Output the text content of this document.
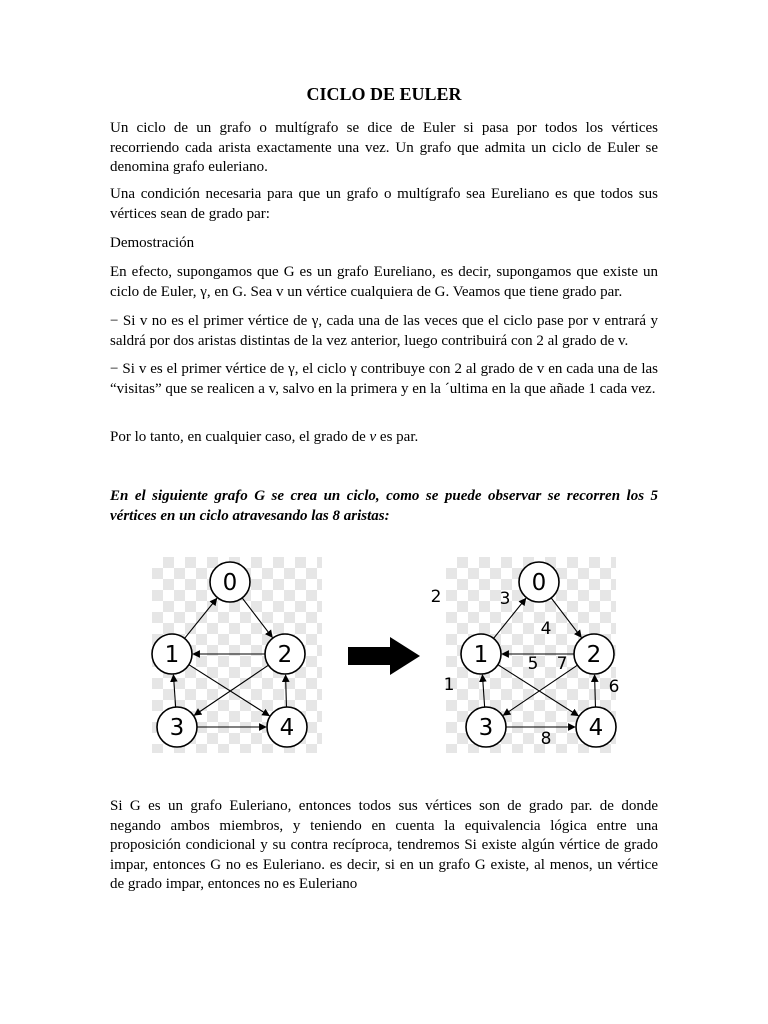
CICLO DE EULER

Un ciclo de un grafo o multígrafo se dice de Euler si pasa por todos los vértices recorriendo cada arista exactamente una vez. Un grafo que admita un ciclo de Euler se denomina grafo euleriano.

Una condición necesaria para que un grafo o multígrafo sea Eureliano es que todos sus vértices sean de grado par:

Demostración

En efecto, supongamos que G es un grafo Eureliano, es decir, supongamos que existe un ciclo de Euler, γ, en G. Sea v un vértice cualquiera de G. Veamos que tiene grado par.

− Si v no es el primer vértice de γ, cada una de las veces que el ciclo pase por v entrará y saldrá por dos aristas distintas de la vez anterior, luego contribuirá con 2 al grado de v.

− Si v es el primer vértice de γ, el ciclo γ contribuye con 2 al grado de v en cada una de las “visitas” que se realicen a v, salvo en la primera y en la ´ultima en la que añade 1 cada vez.

Por lo tanto, en cualquier caso, el grado de v es par.

En el siguiente grafo G se crea un ciclo, como se puede observar se recorren los 5 vértices en un ciclo atravesando las 8 aristas:

0
1	2
3	4
1
2	3
4
5
6
7
8
0
1	2
3	4

Si G es un grafo Euleriano, entonces todos sus vértices son de grado par. de donde negando ambos miembros, y teniendo en cuenta la equivalencia lógica entre una proposición condicional y su contra recíproca, tendremos Si existe algún vértice de grado impar, entonces G no es Euleriano. es decir, si en un grafo G existe, al menos, un vértice de grado impar, entonces no es Euleriano
